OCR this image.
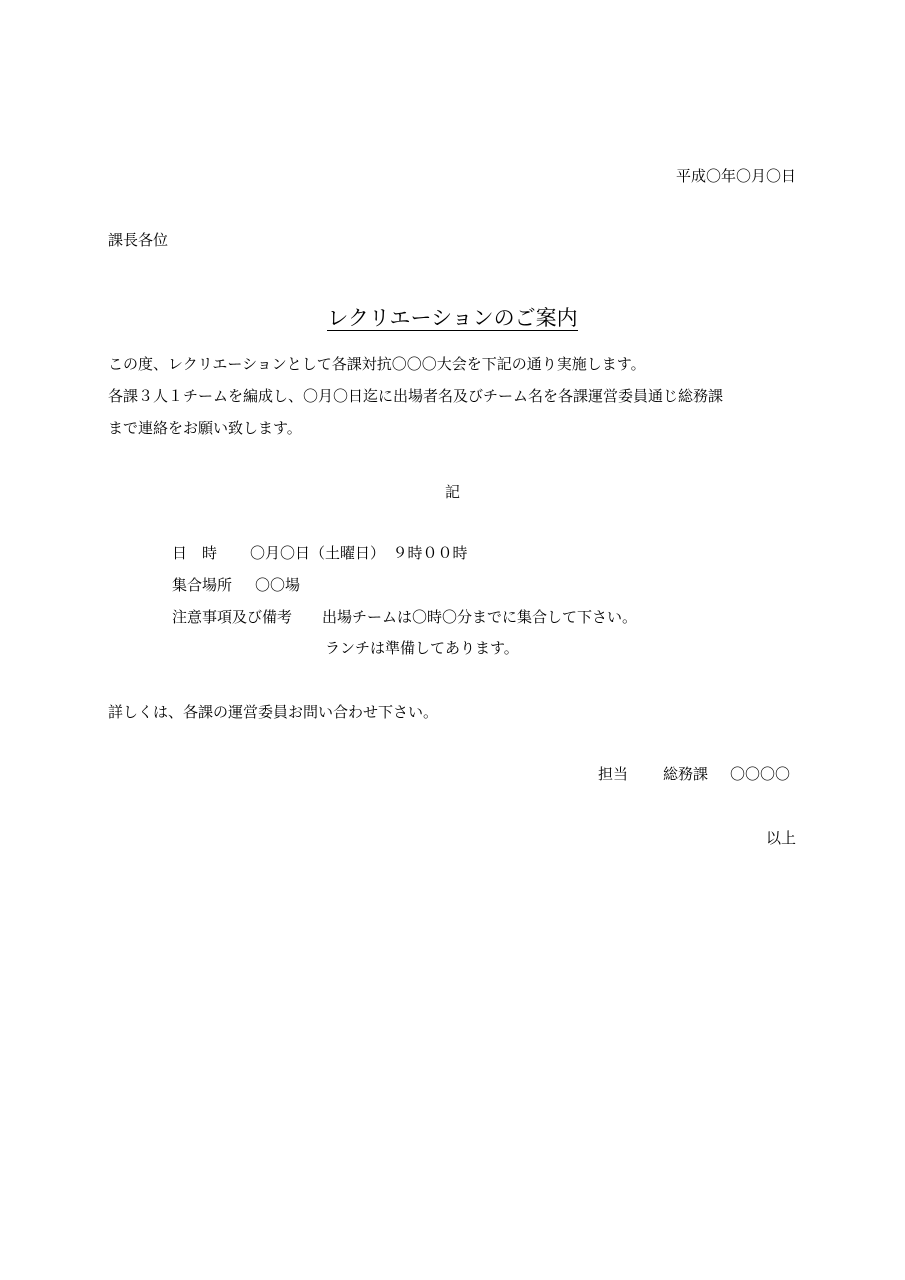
平成〇年〇月〇日
課長各位
レクリエーションのご案内
この度、レクリエーションとして各課対抗〇〇〇大会を下記の通り実施します。
各課３人１チームを編成し、〇月〇日迄に出場者名及びチーム名を各課運営委員通じ総務課
まで連絡をお願い致します。
記
日　時 〇月〇日（土曜日）　９時００時
集合場所 〇〇場
注意事項及び備考 出場チームは〇時〇分までに集合して下さい。
ランチは準備してあります。
詳しくは、各課の運営委員お問い合わせ下さい。
担当 総務課 〇〇〇〇
以上
